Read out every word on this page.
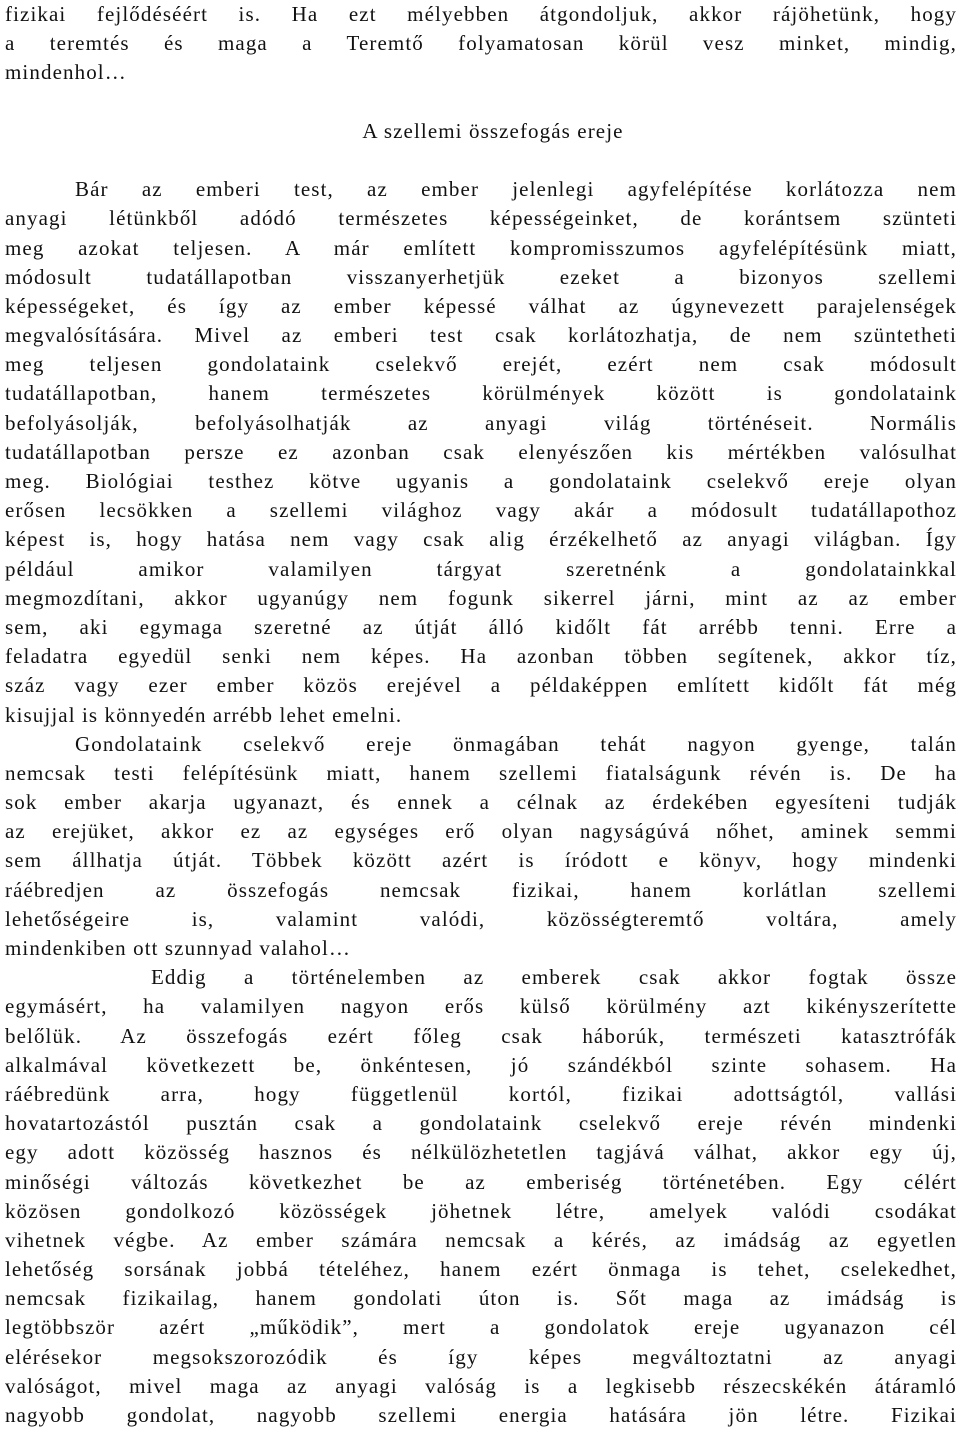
fizikai fejlődéséért is. Ha ezt mélyebben átgondoljuk, akkor rájöhetünk, hogy
a teremtés és maga a Teremtő folyamatosan körül vesz minket, mindig,
mindenhol…
A szellemi összefogás ereje
Bár az emberi test, az ember jelenlegi agyfelépítése korlátozza nem
anyagi létünkből adódó természetes képességeinket, de korántsem szünteti
meg azokat teljesen. A már említett kompromisszumos agyfelépítésünk miatt,
módosult tudatállapotban visszanyerhetjük ezeket a bizonyos szellemi
képességeket, és így az ember képessé válhat az úgynevezett parajelenségek
megvalósítására. Mivel az emberi test csak korlátozhatja, de nem szüntetheti
meg teljesen gondolataink cselekvő erejét, ezért nem csak módosult
tudatállapotban, hanem természetes körülmények között is gondolataink
befolyásolják, befolyásolhatják az anyagi világ történéseit. Normális
tudatállapotban persze ez azonban csak elenyészően kis mértékben valósulhat
meg. Biológiai testhez kötve ugyanis a gondolataink cselekvő ereje olyan
erősen lecsökken a szellemi világhoz vagy akár a módosult tudatállapothoz
képest is, hogy hatása nem vagy csak alig érzékelhető az anyagi világban. Így
például amikor valamilyen tárgyat szeretnénk a gondolatainkkal
megmozdítani, akkor ugyanúgy nem fogunk sikerrel járni, mint az az ember
sem, aki egymaga szeretné az útját álló kidőlt fát arrébb tenni. Erre a
feladatra egyedül senki nem képes. Ha azonban többen segítenek, akkor tíz,
száz vagy ezer ember közös erejével a példaképpen említett kidőlt fát még
kisujjal is könnyedén arrébb lehet emelni.
Gondolataink cselekvő ereje önmagában tehát nagyon gyenge, talán
nemcsak testi felépítésünk miatt, hanem szellemi fiatalságunk révén is. De ha
sok ember akarja ugyanazt, és ennek a célnak az érdekében egyesíteni tudják
az erejüket, akkor ez az egységes erő olyan nagyságúvá nőhet, aminek semmi
sem állhatja útját. Többek között azért is íródott e könyv, hogy mindenki
ráébredjen az összefogás nemcsak fizikai, hanem korlátlan szellemi
lehetőségeire is, valamint valódi, közösségteremtő voltára, amely
mindenkiben ott szunnyad valahol…
Eddig a történelemben az emberek csak akkor fogtak össze
egymásért, ha valamilyen nagyon erős külső körülmény azt kikényszerítette
belőlük. Az összefogás ezért főleg csak háborúk, természeti katasztrófák
alkalmával következett be, önkéntesen, jó szándékból szinte sohasem. Ha
ráébredünk arra, hogy függetlenül kortól, fizikai adottságtól, vallási
hovatartozástól pusztán csak a gondolataink cselekvő ereje révén mindenki
egy adott közösség hasznos és nélkülözhetetlen tagjává válhat, akkor egy új,
minőségi változás következhet be az emberiség történetében. Egy célért
közösen gondolkozó közösségek jöhetnek létre, amelyek valódi csodákat
vihetnek végbe. Az ember számára nemcsak a kérés, az imádság az egyetlen
lehetőség sorsának jobbá tételéhez, hanem ezért önmaga is tehet, cselekedhet,
nemcsak fizikailag, hanem gondolati úton is. Sőt maga az imádság is
legtöbbször azért „működik”, mert a gondolatok ereje ugyanazon cél
elérésekor megsokszorozódik és így képes megváltoztatni az anyagi
valóságot, mivel maga az anyagi valóság is a legkisebb részecskékén átáramló
nagyobb gondolat, nagyobb szellemi energia hatására jön létre. Fizikai
